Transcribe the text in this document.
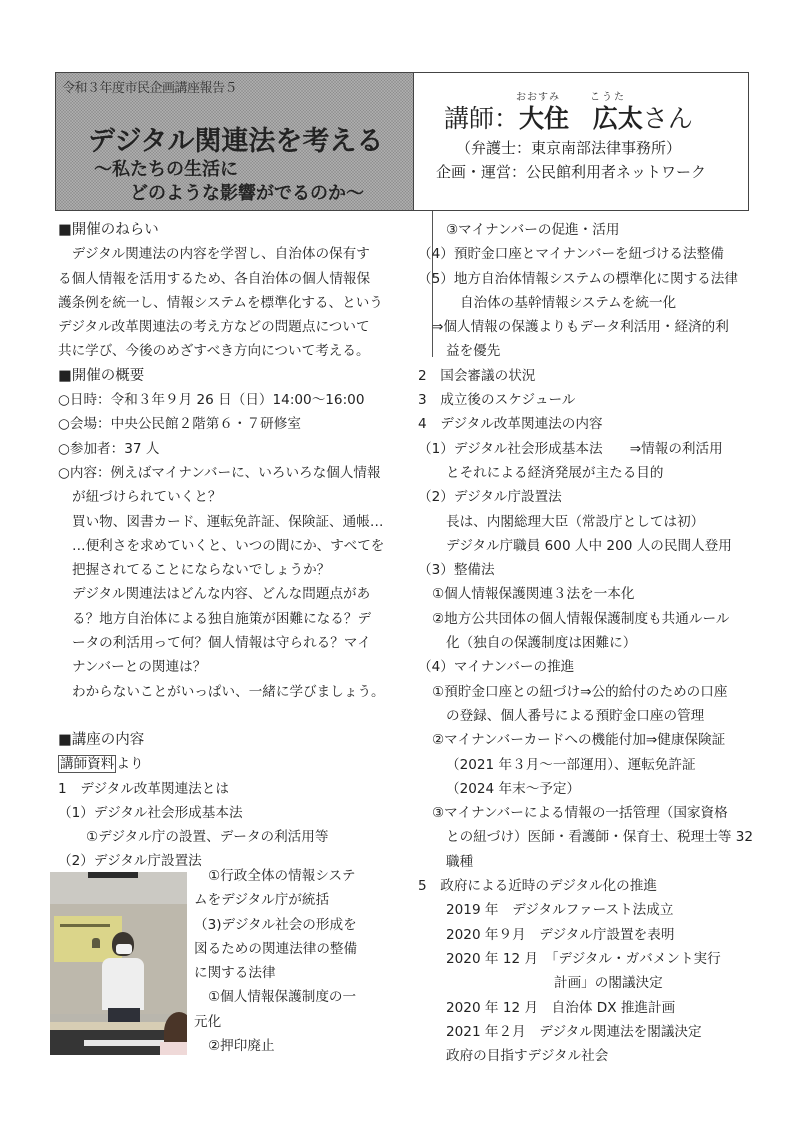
令和３年度市民企画講座報告５
デジタル関連法を考える
～私たちの生活に
どのような影響がでるのか～
おおすみ	こうた
講師：大住 広太さん
（弁護士：東京南部法律事務所）
企画・運営：公民館利用者ネットワーク
■開催のねらい
　デジタル関連法の内容を学習し、自治体の保有す
る個人情報を活用するため、各自治体の個人情報保
護条例を統一し、情報システムを標準化する、という
デジタル改革関連法の考え方などの問題点について
共に学び、今後のめざすべき方向について考える。
■開催の概要
○日時：令和３年９月 26 日（日）14:00～16:00
○会場：中央公民館２階第６・７研修室
○参加者：37 人
○内容：例えばマイナンバーに、いろいろな個人情報
が紐づけられていくと？
買い物、図書カード、運転免許証、保険証、通帳…
…便利さを求めていくと、いつの間にか、すべてを
把握されてることにならないでしょうか？
デジタル関連法はどんな内容、どんな問題点があ
る？地方自治体による独自施策が困難になる？デ
ータの利活用って何？個人情報は守られる？マイ
ナンバーとの関連は？
わからないことがいっぱい、一緒に学びましょう。
■講座の内容
講師資料 より
1　デジタル改革関連法とは
（1）デジタル社会形成基本法
①デジタル庁の設置、データの利活用等
（2）デジタル庁設置法
①行政全体の情報システ
ムをデジタル庁が統括
（3)デジタル社会の形成を
図るための関連法律の整備
に関する法律
①個人情報保護制度の一
元化
②押印廃止
③マイナンバーの促進・活用
（4）預貯金口座とマイナンバーを紐づける法整備
（5）地方自治体情報システムの標準化に関する法律
自治体の基幹情報システムを統一化
⇒個人情報の保護よりもデータ利活用・経済的利
益を優先
2　国会審議の状況
3　成立後のスケジュール
4　デジタル改革関連法の内容
（1）デジタル社会形成基本法　　⇒情報の利活用
とそれによる経済発展が主たる目的
（2）デジタル庁設置法
長は、内閣総理大臣（常設庁としては初）
デジタル庁職員 600 人中 200 人の民間人登用
（3）整備法
①個人情報保護関連３法を一本化
②地方公共団体の個人情報保護制度も共通ルール
化（独自の保護制度は困難に）
（4）マイナンバーの推進
①預貯金口座との紐づけ⇒公的給付のための口座
の登録、個人番号による預貯金口座の管理
②マイナンバーカードへの機能付加⇒健康保険証
（2021 年３月～一部運用）、運転免許証
（2024 年末～予定）
③マイナンバーによる情報の一括管理（国家資格
との紐づけ）医師・看護師・保育士、税理士等 32
職種
5　政府による近時のデジタル化の推進
2019 年　デジタルファースト法成立
2020 年９月　デジタル庁設置を表明
2020 年 12 月　「デジタル・ガバメント実行
計画」の閣議決定
2020 年 12 月　自治体 DX 推進計画
2021 年２月　デジタル関連法を閣議決定
政府の目指すデジタル社会
